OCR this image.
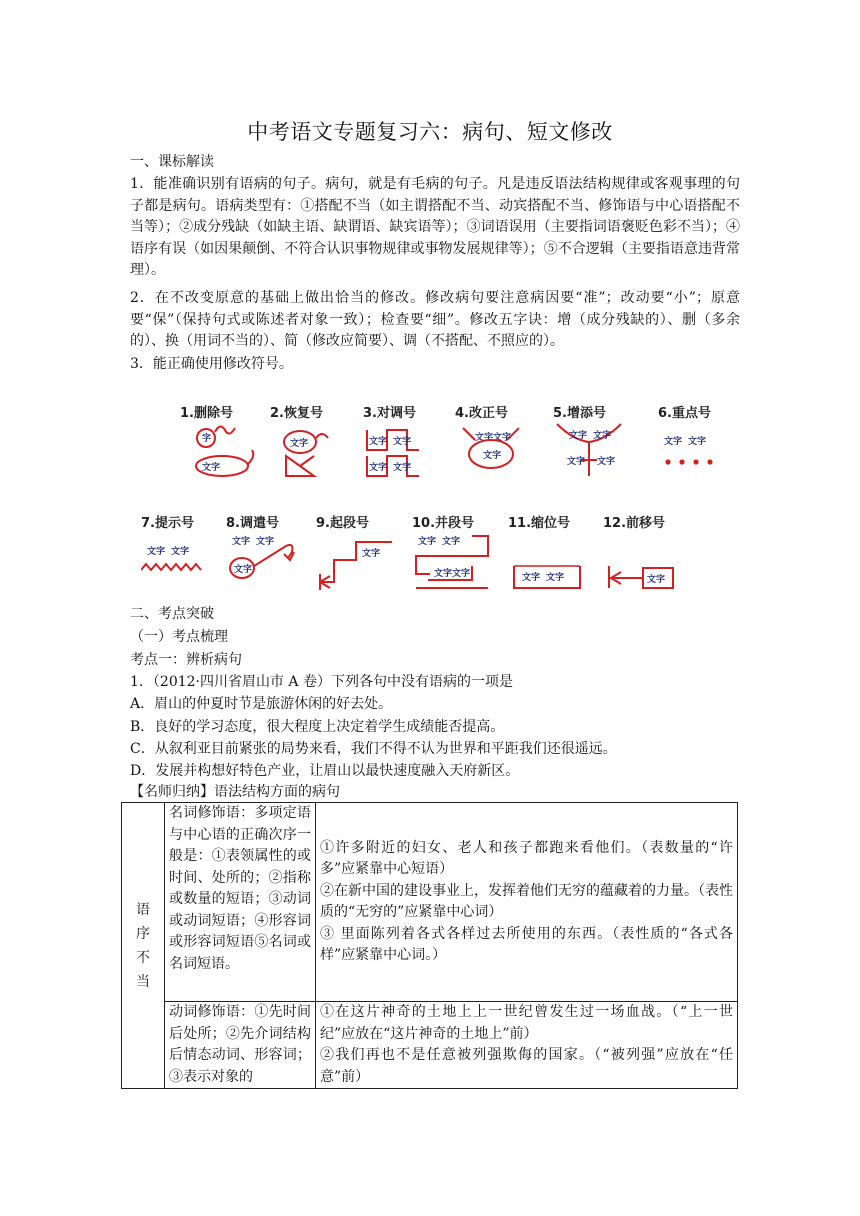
中考语文专题复习六：病句、短文修改
一、课标解读
1．能准确识别有语病的句子。病句，就是有毛病的句子。凡是违反语法结构规律或客观事理的句子都是病句。语病类型有：①搭配不当（如主谓搭配不当、动宾搭配不当、修饰语与中心语搭配不当等）；②成分残缺（如缺主语、缺谓语、缺宾语等）；③词语误用（主要指词语褒贬色彩不当）；④语序有误（如因果颠倒、不符合认识事物规律或事物发展规律等）；⑤不合逻辑（主要指语意违背常理）。
2．在不改变原意的基础上做出恰当的修改。修改病句要注意病因要“准”；改动要“小”；原意要“保”（保持句式或陈述者对象一致）；检查要“细”。修改五字诀：增（成分残缺的）、删（多余的）、换（用词不当的）、简（修改应简要）、调（不搭配、不照应的）。
3．能正确使用修改符号。
1.删除号
字
文字
2.恢复号
文字
3.对调号
文字 文字
文字 文字
4.改正号
文字 文字
文字
5.增添号
文字 文字
文字 文字
6.重点号
文字 文字
7.提示号
文字 文字
8.调遣号
文字 文字
文字
9.起段号
文字
10.并段号
文字 文字
文字 文字
11.缩位号
文字 文字
12.前移号
文字
二、考点突破
（一）考点梳理
考点一：辨析病句
1．（2012·四川省眉山市 A 卷）下列各句中没有语病的一项是
A．眉山的仲夏时节是旅游休闲的好去处。
B．良好的学习态度，很大程度上决定着学生成绩能否提高。
C．从叙利亚目前紧张的局势来看，我们不得不认为世界和平距我们还很遥远。
D．发展并构想好特色产业，让眉山以最快速度融入天府新区。
【名师归纳】语法结构方面的病句
语序不当	名词修饰语：多项定语与中心语的正确次序一般是：①表领属性的或时间、处所的；②指称或数量的短语；③动词或动词短语；④形容词或形容词短语⑤名词或名词短语。	①许多附近的妇女、老人和孩子都跑来看他们。（表数量的“许多”应紧靠中心短语）
②在新中国的建设事业上，发挥着他们无穷的蕴藏着的力量。（表性质的“无穷的”应紧靠中心词）
③ 里面陈列着各式各样过去所使用的东西。（表性质的“各式各样”应紧靠中心词。）

	动词修饰语：①先时间后处所；②先介词结构后情态动词、形容词；③表示对象的	①在这片神奇的土地上上一世纪曾发生过一场血战。（“上一世纪”应放在“这片神奇的土地上”前）
②我们再也不是任意被列强欺侮的国家。（“被列强”应放在“任意”前）
